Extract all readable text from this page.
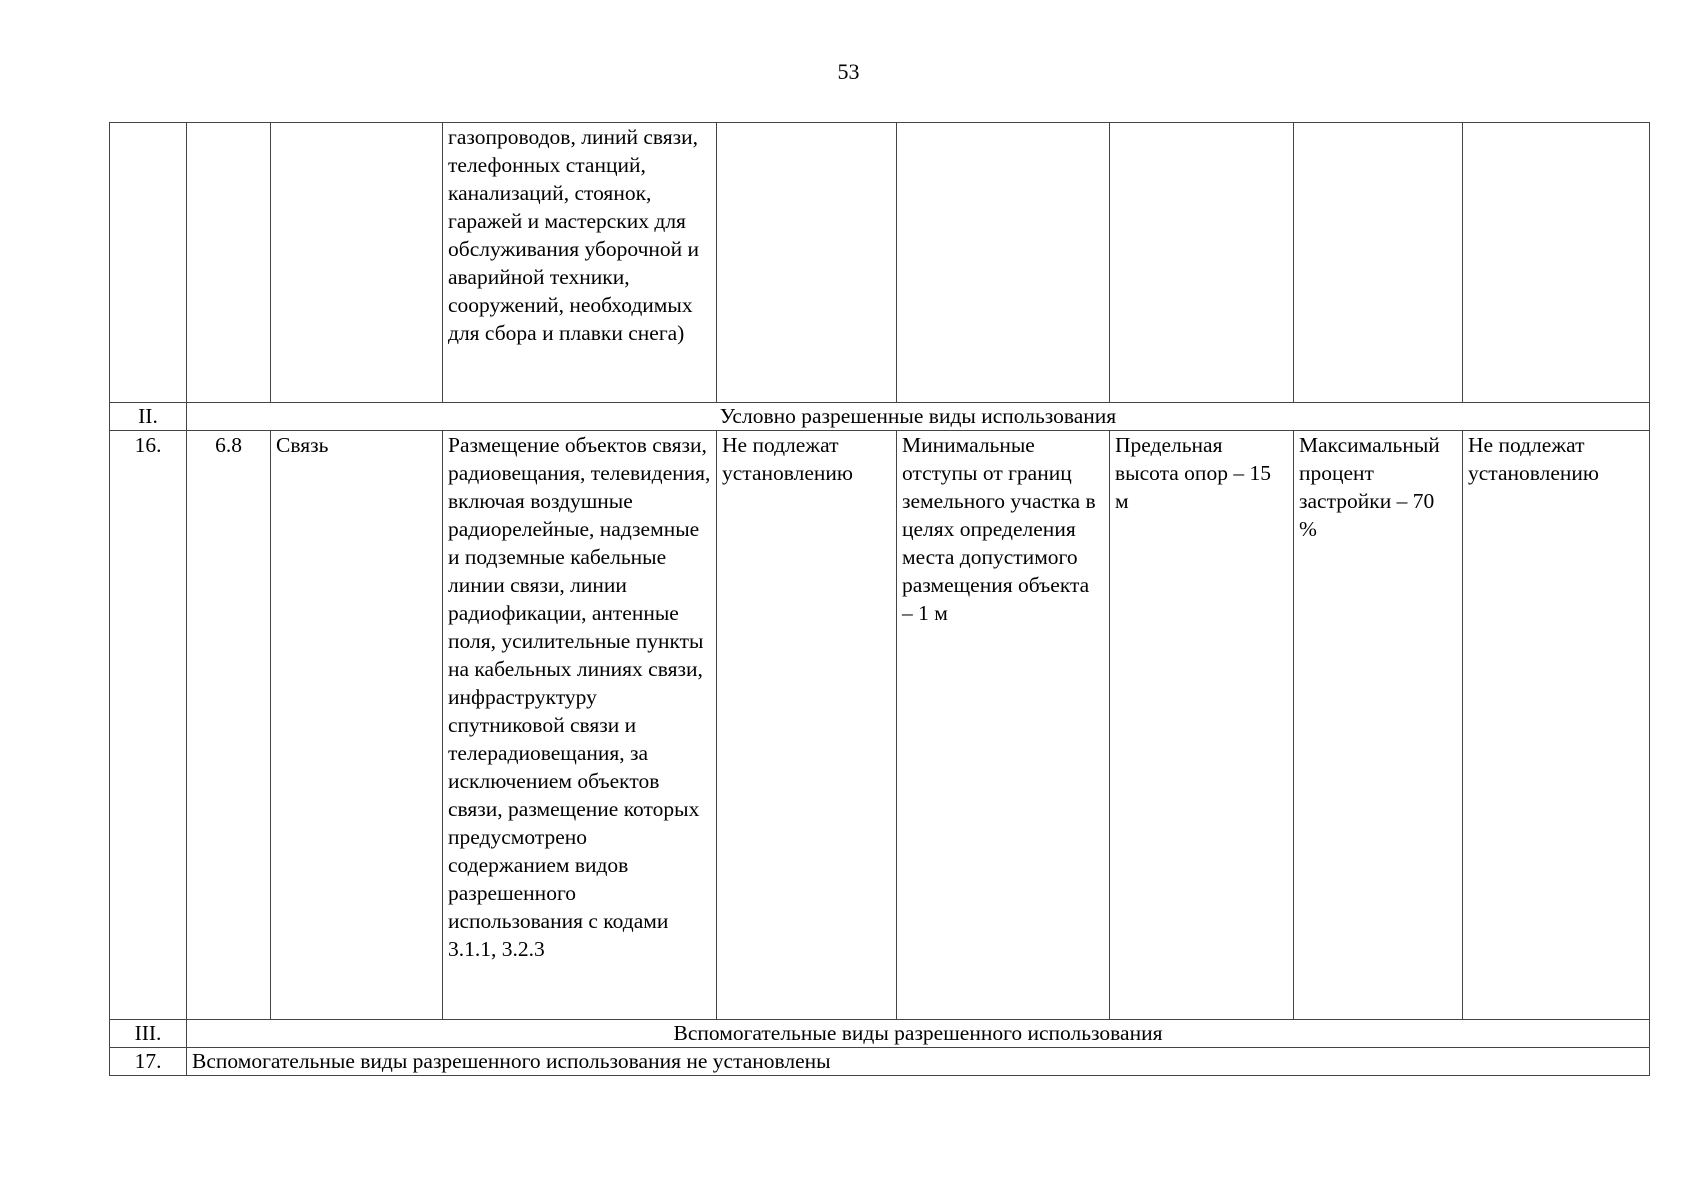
53
			газопроводов, линий связи, телефонных станций, канализаций, стоянок, гаражей и мастерских для обслуживания уборочной и аварийной техники, сооружений, необходимых для сбора и плавки снега)					
II.	Условно разрешенные виды использования							
16.	6.8	Связь	Размещение объектов связи, радиовещания, телевидения, включая воздушные радиорелейные, надземные и подземные кабельные линии связи, линии радиофикации, антенные поля, усилительные пункты на кабельных линиях связи, инфраструктуру спутниковой связи и телерадиовещания, за исключением объектов связи, размещение которых предусмотрено содержанием видов разрешенного использования с кодами 3.1.1, 3.2.3	Не подлежат установлению	Минимальные отступы от границ земельного участка в целях определения места допустимого размещения объекта – 1 м	Предельная высота опор – 15 м	Максимальный процент застройки – 70 %	Не подлежат установлению
III.	Вспомогательные виды разрешенного использования							
17.	Вспомогательные виды разрешенного использования не установлены							
